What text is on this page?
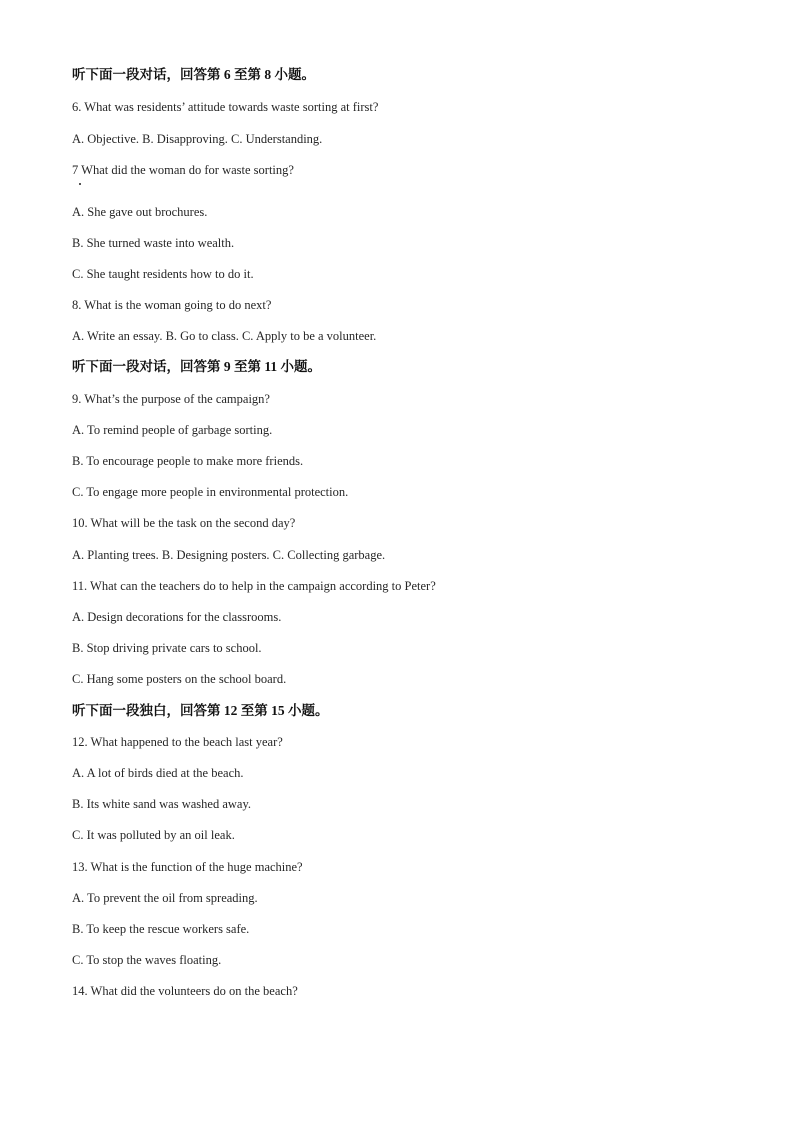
听下面一段对话，回答第 6 至第 8 小题。
6. What was residents’ attitude towards waste sorting at first?
A. Objective. B. Disapproving. C. Understanding.
7 What did the woman do for waste sorting?
A. She gave out brochures.
B. She turned waste into wealth.
C. She taught residents how to do it.
8. What is the woman going to do next?
A. Write an essay. B. Go to class. C. Apply to be a volunteer.
听下面一段对话，回答第 9 至第 11 小题。
9. What’s the purpose of the campaign?
A. To remind people of garbage sorting.
B. To encourage people to make more friends.
C. To engage more people in environmental protection.
10. What will be the task on the second day?
A. Planting trees. B. Designing posters. C. Collecting garbage.
11. What can the teachers do to help in the campaign according to Peter?
A. Design decorations for the classrooms.
B. Stop driving private cars to school.
C. Hang some posters on the school board.
听下面一段独白，回答第 12 至第 15 小题。
12. What happened to the beach last year?
A. A lot of birds died at the beach.
B. Its white sand was washed away.
C. It was polluted by an oil leak.
13. What is the function of the huge machine?
A. To prevent the oil from spreading.
B. To keep the rescue workers safe.
C. To stop the waves floating.
14. What did the volunteers do on the beach?
